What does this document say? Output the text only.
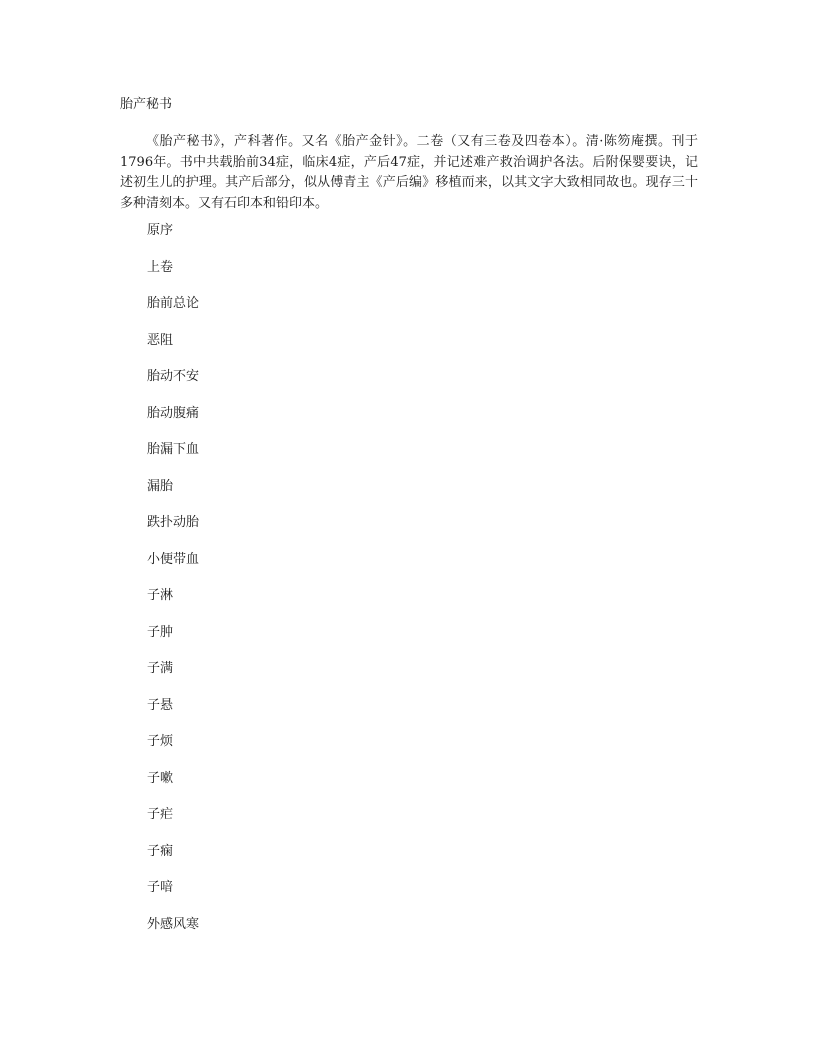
胎产秘书

《胎产秘书》，产科著作。又名《胎产金针》。二卷（又有三卷及四卷本）。清·陈笏庵撰。刊于1796年。书中共载胎前34症，临床4症，产后47症，并记述难产救治调护各法。后附保婴要诀，记述初生儿的护理。其产后部分，似从傅青主《产后编》移植而来，以其文字大致相同故也。现存三十多种清刻本。又有石印本和铅印本。

原序
上卷
胎前总论
恶阻
胎动不安
胎动腹痛
胎漏下血
漏胎
跌扑动胎
小便带血
子淋
子肿
子满
子悬
子烦
子嗽
子疟
子痫
子喑
外感风寒
